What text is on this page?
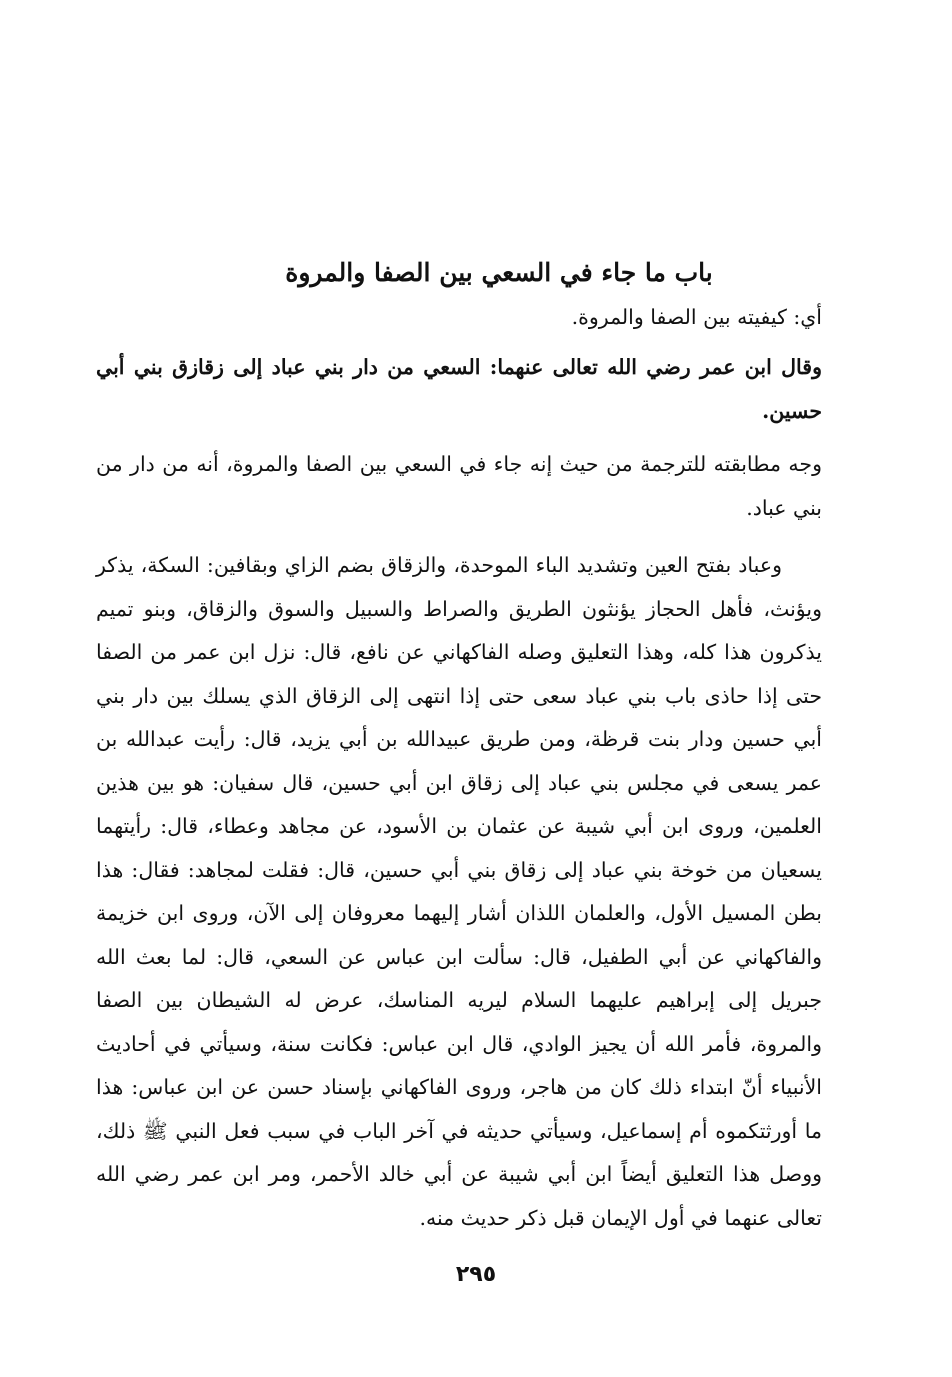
باب ما جاء في السعي بين الصفا والمروة

أي: كيفيته بين الصفا والمروة.

وقال ابن عمر رضي الله تعالى عنهما: السعي من دار بني عباد إلى زقازق بني أبي حسين.

وجه مطابقته للترجمة من حيث إنه جاء في السعي بين الصفا والمروة، أنه من دار من بني عباد.

وعباد بفتح العين وتشديد الباء الموحدة، والزقاق بضم الزاي وبقافين: السكة، يذكر ويؤنث، فأهل الحجاز يؤنثون الطريق والصراط والسبيل والسوق والزقاق، وبنو تميم يذكرون هذا كله، وهذا التعليق وصله الفاكهاني عن نافع، قال: نزل ابن عمر من الصفا حتى إذا حاذى باب بني عباد سعى حتى إذا انتهى إلى الزقاق الذي يسلك بين دار بني أبي حسين ودار بنت قرظة، ومن طريق عبيدالله بن أبي يزيد، قال: رأيت عبدالله بن عمر يسعى في مجلس بني عباد إلى زقاق ابن أبي حسين، قال سفيان: هو بين هذين العلمين، وروى ابن أبي شيبة عن عثمان بن الأسود، عن مجاهد وعطاء، قال: رأيتهما يسعيان من خوخة بني عباد إلى زقاق بني أبي حسين، قال: فقلت لمجاهد: فقال: هذا بطن المسيل الأول، والعلمان اللذان أشار إليهما معروفان إلى الآن، وروى ابن خزيمة والفاكهاني عن أبي الطفيل، قال: سألت ابن عباس عن السعي، قال: لما بعث الله جبريل إلى إبراهيم عليهما السلام ليريه المناسك، عرض له الشيطان بين الصفا والمروة، فأمر الله أن يجيز الوادي، قال ابن عباس: فكانت سنة، وسيأتي في أحاديث الأنبياء أنّ ابتداء ذلك كان من هاجر، وروى الفاكهاني بإسناد حسن عن ابن عباس: هذا ما أورثتكموه أم إسماعيل، وسيأتي حديثه في آخر الباب في سبب فعل النبي ﷺ ذلك، ووصل هذا التعليق أيضاً ابن أبي شيبة عن أبي خالد الأحمر، ومر ابن عمر رضي الله تعالى عنهما في أول الإيمان قبل ذكر حديث منه.

٢٩٥
